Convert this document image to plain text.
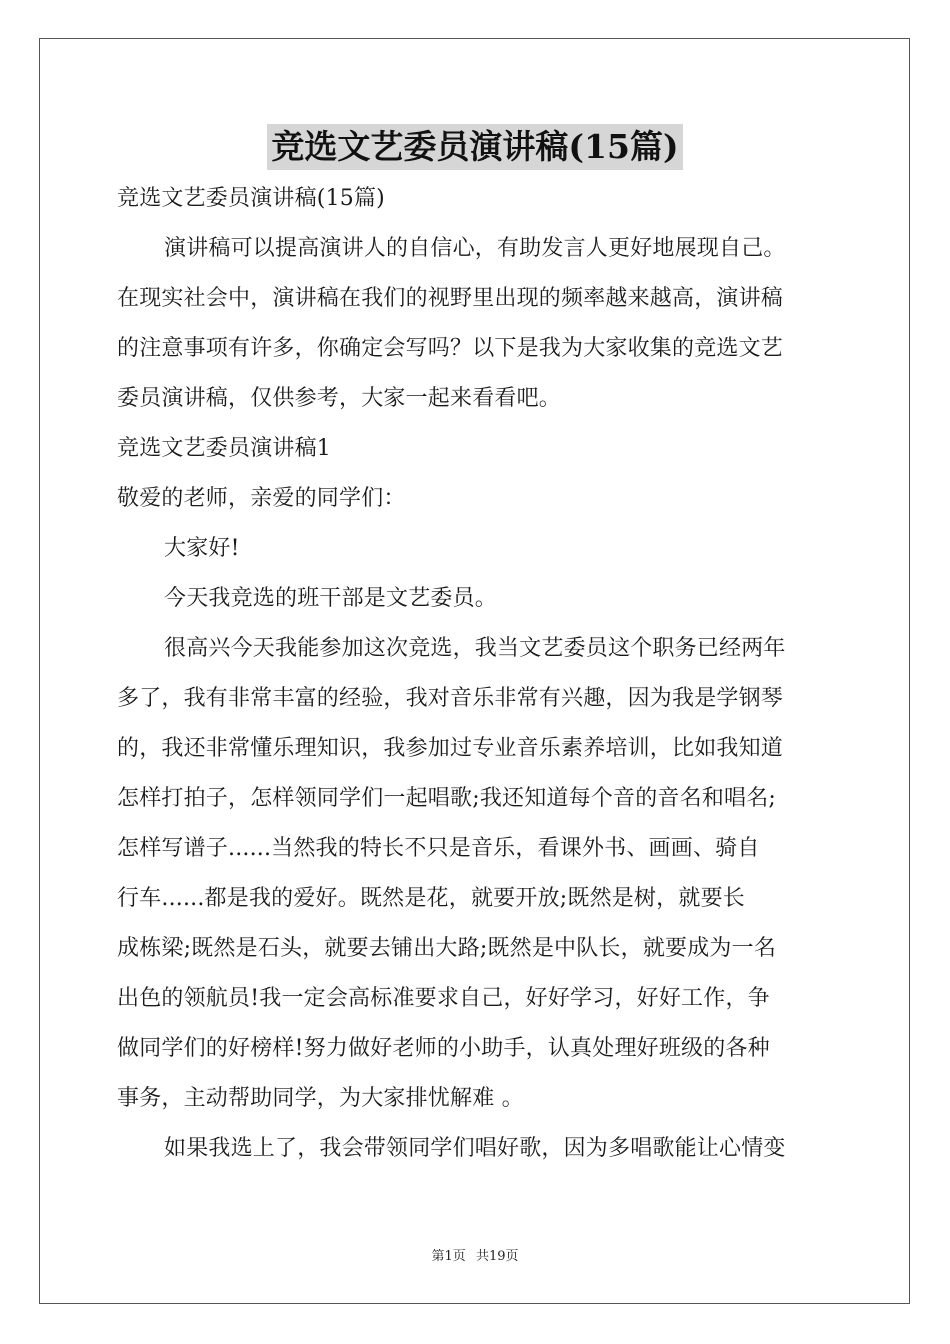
竞选文艺委员演讲稿(15篇)
竞选文艺委员演讲稿(15篇)
演讲稿可以提高演讲人的自信心，有助发言人更好地展现自己。
在现实社会中，演讲稿在我们的视野里出现的频率越来越高，演讲稿
的注意事项有许多，你确定会写吗？以下是我为大家收集的竞选文艺
委员演讲稿，仅供参考，大家一起来看看吧。
竞选文艺委员演讲稿1
敬爱的老师，亲爱的同学们：
大家好!
今天我竞选的班干部是文艺委员。
很高兴今天我能参加这次竞选，我当文艺委员这个职务已经两年
多了，我有非常丰富的经验，我对音乐非常有兴趣，因为我是学钢琴
的，我还非常懂乐理知识，我参加过专业音乐素养培训，比如我知道
怎样打拍子，怎样领同学们一起唱歌;我还知道每个音的音名和唱名;
怎样写谱子......当然我的特长不只是音乐，看课外书、画画、骑自
行车......都是我的爱好。既然是花，就要开放;既然是树，就要长
成栋梁;既然是石头，就要去铺出大路;既然是中队长，就要成为一名
出色的领航员!我一定会高标准要求自己，好好学习，好好工作，争
做同学们的好榜样!努力做好老师的小助手，认真处理好班级的各种
事务，主动帮助同学，为大家排忧解难 。
如果我选上了，我会带领同学们唱好歌，因为多唱歌能让心情变
第1页 共19页
